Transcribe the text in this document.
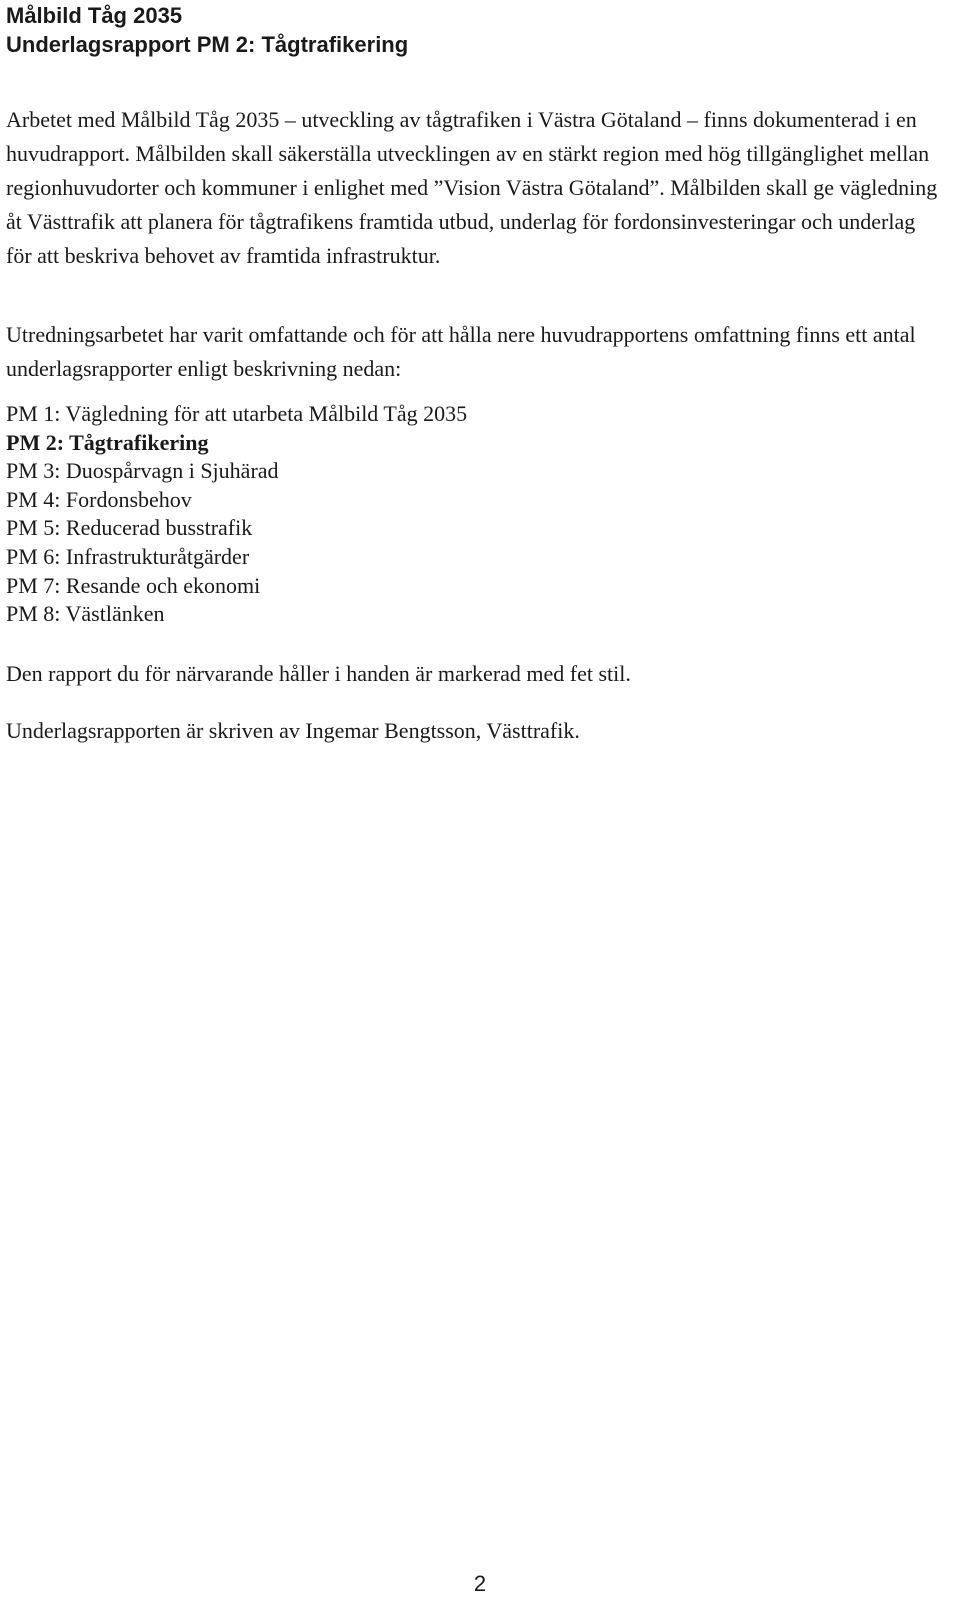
Målbild Tåg 2035
Underlagsrapport PM 2: Tågtrafikering

Arbetet med Målbild Tåg 2035 – utveckling av tågtrafiken i Västra Götaland – finns dokumenterad i en huvudrapport. Målbilden skall säkerställa utvecklingen av en stärkt region med hög tillgänglighet mellan regionhuvudorter och kommuner i enlighet med ”Vision Västra Götaland”. Målbilden skall ge vägledning åt Västtrafik att planera för tågtrafikens framtida utbud, underlag för fordonsinvesteringar och underlag för att beskriva behovet av framtida infrastruktur.

Utredningsarbetet har varit omfattande och för att hålla nere huvudrapportens omfattning finns ett antal underlagsrapporter enligt beskrivning nedan:

PM 1: Vägledning för att utarbeta Målbild Tåg 2035
PM 2: Tågtrafikering
PM 3: Duospårvagn i Sjuhärad
PM 4: Fordonsbehov
PM 5: Reducerad busstrafik
PM 6: Infrastrukturåtgärder
PM 7: Resande och ekonomi
PM 8: Västlänken

Den rapport du för närvarande håller i handen är markerad med fet stil.

Underlagsrapporten är skriven av Ingemar Bengtsson, Västtrafik.

2
